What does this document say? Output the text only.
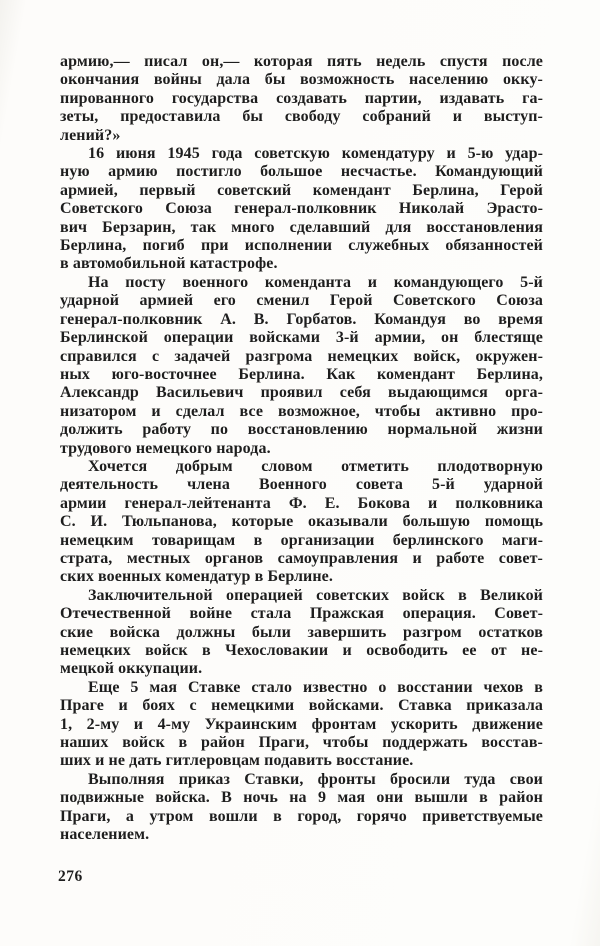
армию,— писал он,— которая пять недель спустя после
окончания войны дала бы возможность населению окку-
пированного государства создавать партии, издавать га-
зеты, предоставила бы свободу собраний и выступ-
лений?»
16 июня 1945 года советскую комендатуру и 5-ю удар-
ную армию постигло большое несчастье. Командующий
армией, первый советский комендант Берлина, Герой
Советского Союза генерал-полковник Николай Эрасто-
вич Берзарин, так много сделавший для восстановления
Берлина, погиб при исполнении служебных обязанностей
в автомобильной катастрофе.
На посту военного коменданта и командующего 5-й
ударной армией его сменил Герой Советского Союза
генерал-полковник А. В. Горбатов. Командуя во время
Берлинской операции войсками 3-й армии, он блестяще
справился с задачей разгрома немецких войск, окружен-
ных юго-восточнее Берлина. Как комендант Берлина,
Александр Васильевич проявил себя выдающимся орга-
низатором и сделал все возможное, чтобы активно про-
должить работу по восстановлению нормальной жизни
трудового немецкого народа.
Хочется добрым словом отметить плодотворную
деятельность члена Военного совета 5-й ударной
армии генерал-лейтенанта Ф. Е. Бокова и полковника
С. И. Тюльпанова, которые оказывали большую помощь
немецким товарищам в организации берлинского маги-
страта, местных органов самоуправления и работе совет-
ских военных комендатур в Берлине.
Заключительной операцией советских войск в Великой
Отечественной войне стала Пражская операция. Совет-
ские войска должны были завершить разгром остатков
немецких войск в Чехословакии и освободить ее от не-
мецкой оккупации.
Еще 5 мая Ставке стало известно о восстании чехов в
Праге и боях с немецкими войсками. Ставка приказала
1, 2-му и 4-му Украинским фронтам ускорить движение
наших войск в район Праги, чтобы поддержать восстав-
ших и не дать гитлеровцам подавить восстание.
Выполняя приказ Ставки, фронты бросили туда свои
подвижные войска. В ночь на 9 мая они вышли в район
Праги, а утром вошли в город, горячо приветствуемые
населением.
276
